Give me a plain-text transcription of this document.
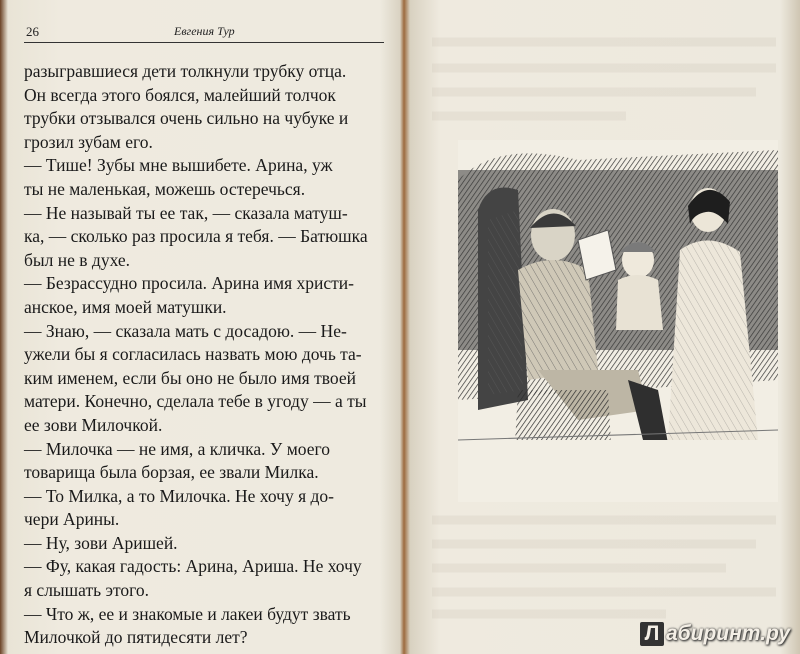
26	Евгения Тур
разыгравшиеся дети толкнули трубку отца.
Он всегда этого боялся, малейший толчок
трубки отзывался очень сильно на чубуке и
грозил зубам его.
— Тише! Зубы мне вышибете. Арина, уж
ты не маленькая, можешь остеречься.
— Не называй ты ее так, — сказала матуш-
ка, — сколько раз просила я тебя. — Батюшка
был не в духе.
— Безрассудно просила. Арина имя христи-
анское, имя моей матушки.
— Знаю, — сказала мать с досадою. — Не-
ужели бы я согласилась назвать мою дочь та-
ким именем, если бы оно не было имя твоей
матери. Конечно, сделала тебе в угоду — а ты
ее зови Милочкой.
— Милочка — не имя, а кличка. У моего
товарища была борзая, ее звали Милка.
— То Милка, а то Милочка. Не хочу я до-
чери Арины.
— Ну, зови Аришей.
— Фу, какая гадость: Арина, Ариша. Не хочу
я слышать этого.
— Что ж, ее и знакомые и лакеи будут звать
Милочкой до пятидесяти лет?	Л абиринт.ру
